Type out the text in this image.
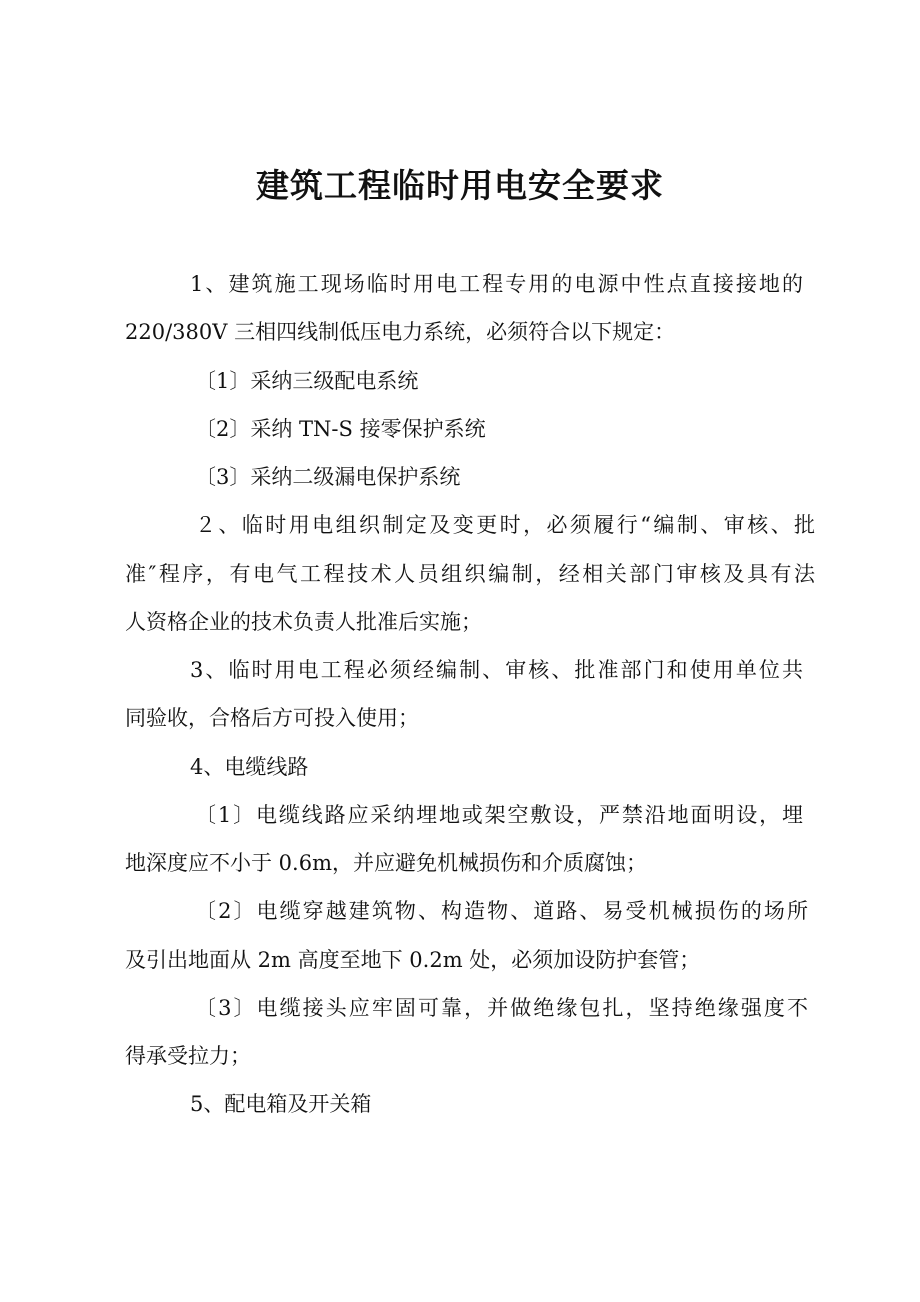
建筑工程临时用电安全要求

1、建筑施工现场临时用电工程专用的电源中性点直接接地的

220/380V 三相四线制低压电力系统，必须符合以下规定：

〔1〕采纳三级配电系统

〔2〕采纳 TN-S 接零保护系统

〔3〕采纳二级漏电保护系统

２、临时用电组织制定及变更时，必须履行“编制、审核、批

准″程序，有电气工程技术人员组织编制，经相关部门审核及具有法

人资格企业的技术负责人批准后实施；

3、临时用电工程必须经编制、审核、批准部门和使用单位共

同验收，合格后方可投入使用；

4、电缆线路

〔1〕电缆线路应采纳埋地或架空敷设，严禁沿地面明设，埋

地深度应不小于 0.6m，并应避免机械损伤和介质腐蚀；

〔2〕电缆穿越建筑物、构造物、道路、易受机械损伤的场所

及引出地面从 2m 高度至地下 0.2m 处，必须加设防护套管；

〔3〕电缆接头应牢固可靠，并做绝缘包扎，坚持绝缘强度不

得承受拉力；

5、配电箱及开关箱
